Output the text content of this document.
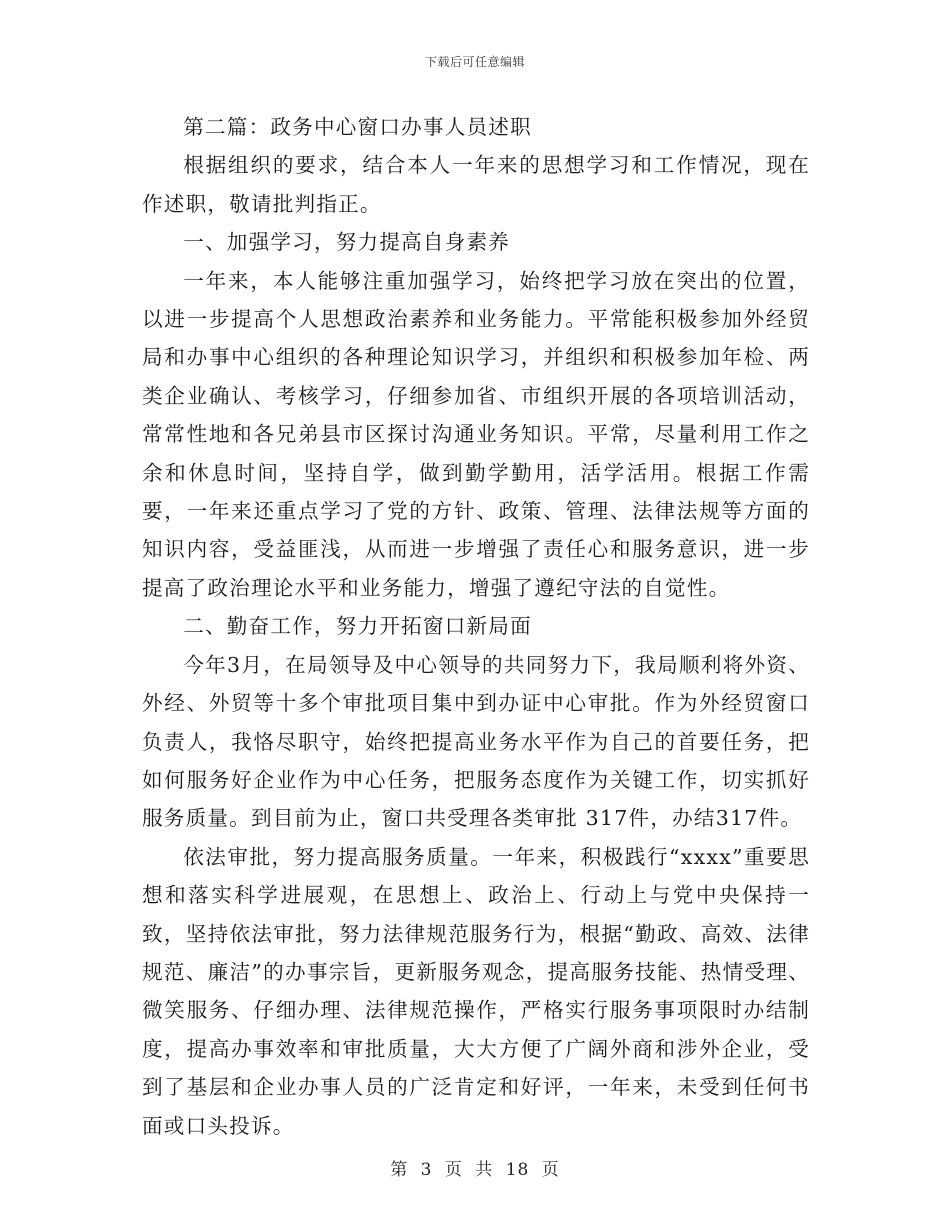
下载后可任意编辑

第二篇：政务中心窗口办事人员述职

根据组织的要求，结合本人一年来的思想学习和工作情况，现在作述职，敬请批判指正。

一、加强学习，努力提高自身素养

一年来，本人能够注重加强学习，始终把学习放在突出的位置，以进一步提高个人思想政治素养和业务能力。平常能积极参加外经贸局和办事中心组织的各种理论知识学习，并组织和积极参加年检、两类企业确认、考核学习，仔细参加省、市组织开展的各项培训活动，常常性地和各兄弟县市区探讨沟通业务知识。平常，尽量利用工作之余和休息时间，坚持自学，做到勤学勤用，活学活用。根据工作需要，一年来还重点学习了党的方针、政策、管理、法律法规等方面的知识内容，受益匪浅，从而进一步增强了责任心和服务意识，进一步提高了政治理论水平和业务能力，增强了遵纪守法的自觉性。

二、勤奋工作，努力开拓窗口新局面

今年3月，在局领导及中心领导的共同努力下，我局顺利将外资、外经、外贸等十多个审批项目集中到办证中心审批。作为外经贸窗口负责人，我恪尽职守，始终把提高业务水平作为自己的首要任务，把如何服务好企业作为中心任务，把服务态度作为关键工作，切实抓好服务质量。到目前为止，窗口共受理各类审批 317件，办结317件。

依法审批，努力提高服务质量。一年来，积极践行“xxxx”重要思想和落实科学进展观，在思想上、政治上、行动上与党中央保持一致，坚持依法审批，努力法律规范服务行为，根据“勤政、高效、法律规范、廉洁”的办事宗旨，更新服务观念，提高服务技能、热情受理、微笑服务、仔细办理、法律规范操作，严格实行服务事项限时办结制度，提高办事效率和审批质量，大大方便了广阔外商和涉外企业，受到了基层和企业办事人员的广泛肯定和好评，一年来，未受到任何书面或口头投诉。

第 3 页 共 18 页
